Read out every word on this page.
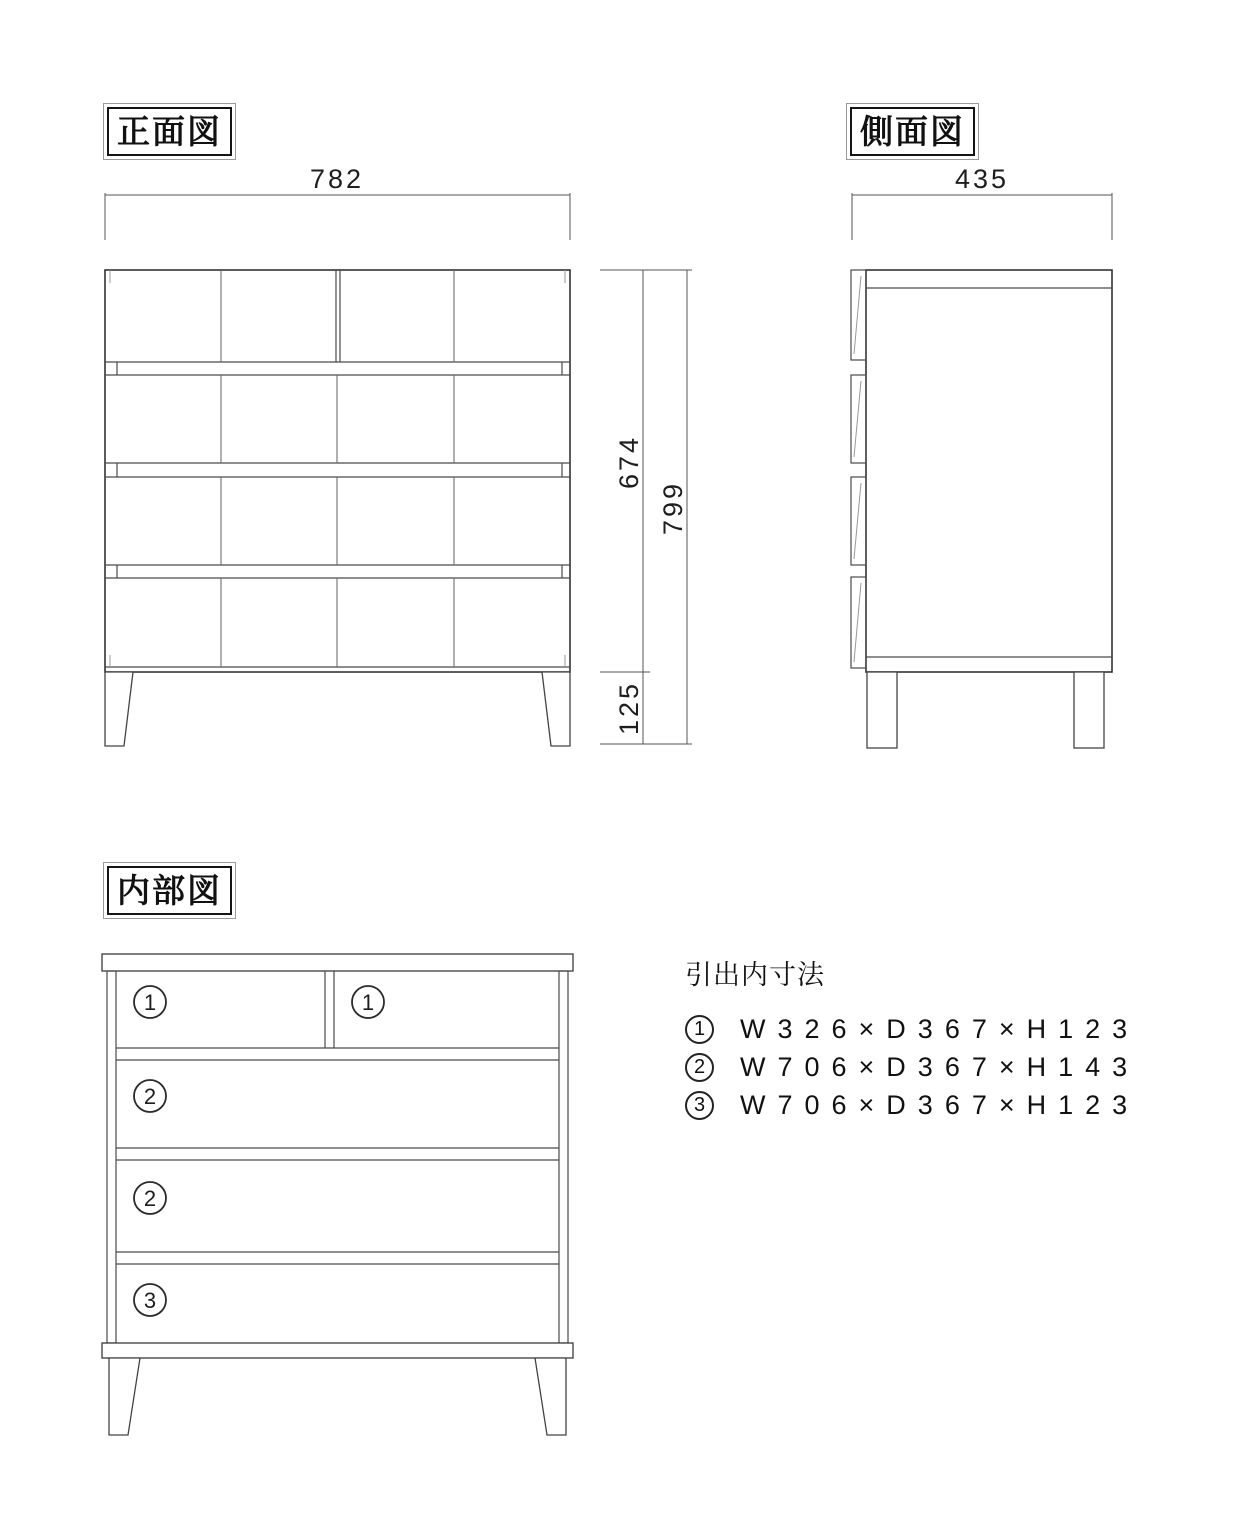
782
674
799
125
435
1	1
2
2
3
正面図	側面図
内部図
引出内寸法
1	W326×D367×H123
2	W706×D367×H143
3	W706×D367×H123
